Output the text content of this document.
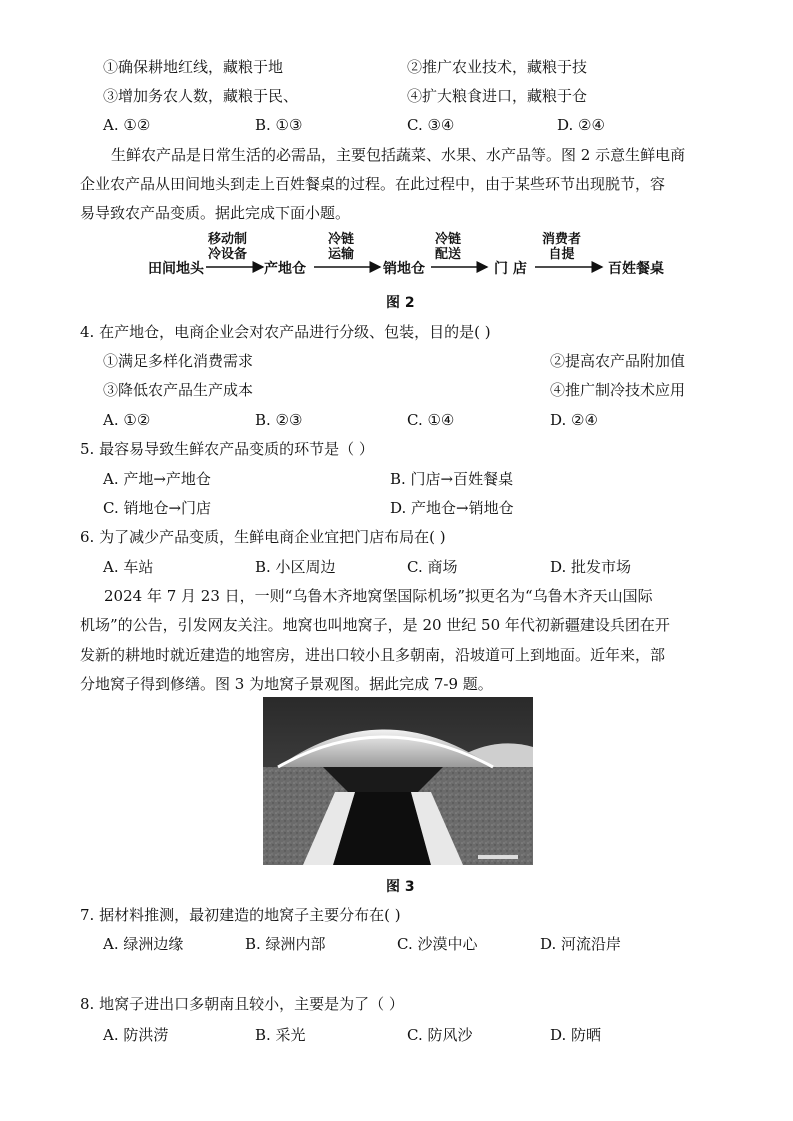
①确保耕地红线，藏粮于地	②推广农业技术，藏粮于技
③增加务农人数，藏粮于民、	④扩大粮食进口，藏粮于仓
A. ①②	B. ①③	C. ③④	D. ②④
生鲜农产品是日常生活的必需品，主要包括蔬菜、水果、水产品等。图 2 示意生鲜电商
企业农产品从田间地头到走上百姓餐桌的过程。在此过程中，由于某些环节出现脱节，容
易导致农产品变质。据此完成下面小题。
田间地头	产地仓	销地仓	门 店	百姓餐桌
移动制
冷设备
冷链
运输
冷链
配送
消费者
自提
图 2
4. 在产地仓，电商企业会对农产品进行分级、包装，目的是( )
①满足多样化消费需求	②提高农产品附加值
③降低农产品生产成本	④推广制冷技术应用
A. ①②	B. ②③	C. ①④	D. ②④
5. 最容易导致生鲜农产品变质的环节是（ ）
A. 产地→产地仓	B. 门店→百姓餐桌
C. 销地仓→门店	D. 产地仓→销地仓
6. 为了减少产品变质，生鲜电商企业宜把门店布局在( )
A. 车站	B. 小区周边	C. 商场	D. 批发市场
2024 年 7 月 23 日，一则“乌鲁木齐地窝堡国际机场”拟更名为“乌鲁木齐天山国际
机场”的公告，引发网友关注。地窝也叫地窝子，是 20 世纪 50 年代初新疆建设兵团在开
发新的耕地时就近建造的地窖房，进出口较小且多朝南，沿坡道可上到地面。近年来，部
分地窝子得到修缮。图 3 为地窝子景观图。据此完成 7-9 题。
图 3
7. 据材料推测，最初建造的地窝子主要分布在( )
A. 绿洲边缘	B. 绿洲内部	C. 沙漠中心	D. 河流沿岸
8. 地窝子进出口多朝南且较小，主要是为了（ ）
A. 防洪涝	B. 采光	C. 防风沙	D. 防晒
